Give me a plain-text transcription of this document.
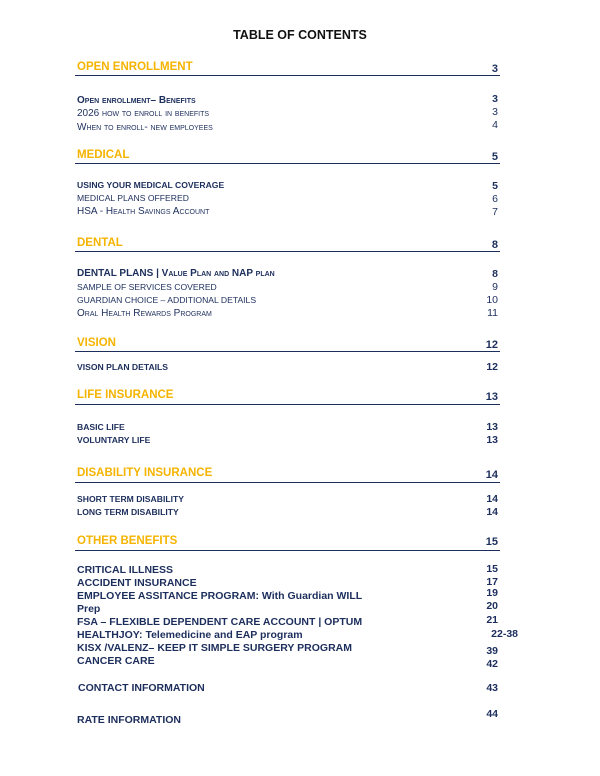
TABLE OF CONTENTS
OPEN ENROLLMENT	3
Open enrollment– Benefits	3
2026 how to enroll in benefits	3
When to enroll- new employees	4
MEDICAL	5
USING YOUR MEDICAL COVERAGE	5
MEDICAL PLANS OFFERED	6
HSA - Health Savings Account	7
DENTAL	8
DENTAL PLANS | Value Plan and NAP plan	8
SAMPLE OF SERVICES COVERED	9
GUARDIAN CHOICE – ADDITIONAL DETAILS	10
Oral Health Rewards Program	11
VISION	12
VISON PLAN DETAILS	12
LIFE INSURANCE	13
BASIC LIFE	13
VOLUNTARY LIFE	13
DISABILITY INSURANCE	14
SHORT TERM DISABILITY	14
LONG TERM DISABILITY	14
OTHER BENEFITS	15
CRITICAL ILLNESS	15
ACCIDENT INSURANCE	17
EMPLOYEE ASSITANCE PROGRAM: With Guardian WILL	19
Prep	20
FSA – FLEXIBLE DEPENDENT CARE ACCOUNT | OPTUM	21
HEALTHJOY: Telemedicine and EAP program	22-38
KISX /VALENZ– KEEP IT SIMPLE SURGERY PROGRAM	39
CANCER CARE	42
CONTACT INFORMATION	43
RATE INFORMATION	44
